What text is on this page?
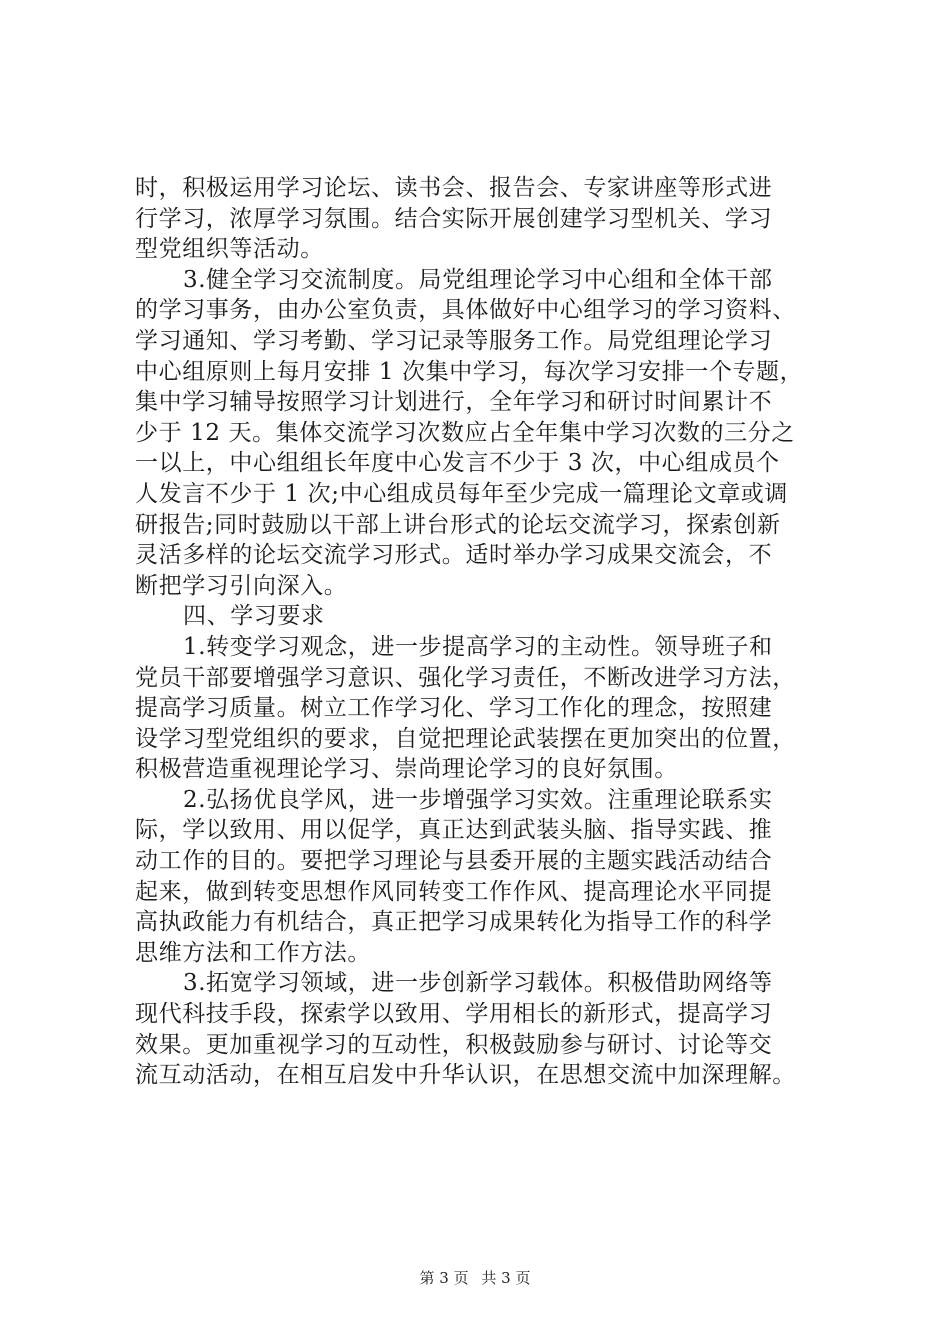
时，积极运用学习论坛、读书会、报告会、专家讲座等形式进
行学习，浓厚学习氛围。结合实际开展创建学习型机关、学习
型党组织等活动。
3.健全学习交流制度。局党组理论学习中心组和全体干部
的学习事务，由办公室负责，具体做好中心组学习的学习资料、
学习通知、学习考勤、学习记录等服务工作。局党组理论学习
中心组原则上每月安排 1 次集中学习，每次学习安排一个专题，
集中学习辅导按照学习计划进行，全年学习和研讨时间累计不
少于 12 天。集体交流学习次数应占全年集中学习次数的三分之
一以上，中心组组长年度中心发言不少于 3 次，中心组成员个
人发言不少于 1 次;中心组成员每年至少完成一篇理论文章或调
研报告;同时鼓励以干部上讲台形式的论坛交流学习，探索创新
灵活多样的论坛交流学习形式。适时举办学习成果交流会，不
断把学习引向深入。
四、学习要求
1.转变学习观念，进一步提高学习的主动性。领导班子和
党员干部要增强学习意识、强化学习责任，不断改进学习方法，
提高学习质量。树立工作学习化、学习工作化的理念，按照建
设学习型党组织的要求，自觉把理论武装摆在更加突出的位置，
积极营造重视理论学习、崇尚理论学习的良好氛围。
2.弘扬优良学风，进一步增强学习实效。注重理论联系实
际，学以致用、用以促学，真正达到武装头脑、指导实践、推
动工作的目的。要把学习理论与县委开展的主题实践活动结合
起来，做到转变思想作风同转变工作作风、提高理论水平同提
高执政能力有机结合，真正把学习成果转化为指导工作的科学
思维方法和工作方法。
3.拓宽学习领域，进一步创新学习载体。积极借助网络等
现代科技手段，探索学以致用、学用相长的新形式，提高学习
效果。更加重视学习的互动性，积极鼓励参与研讨、讨论等交
流互动活动，在相互启发中升华认识，在思想交流中加深理解。
第 3 页 共 3 页
